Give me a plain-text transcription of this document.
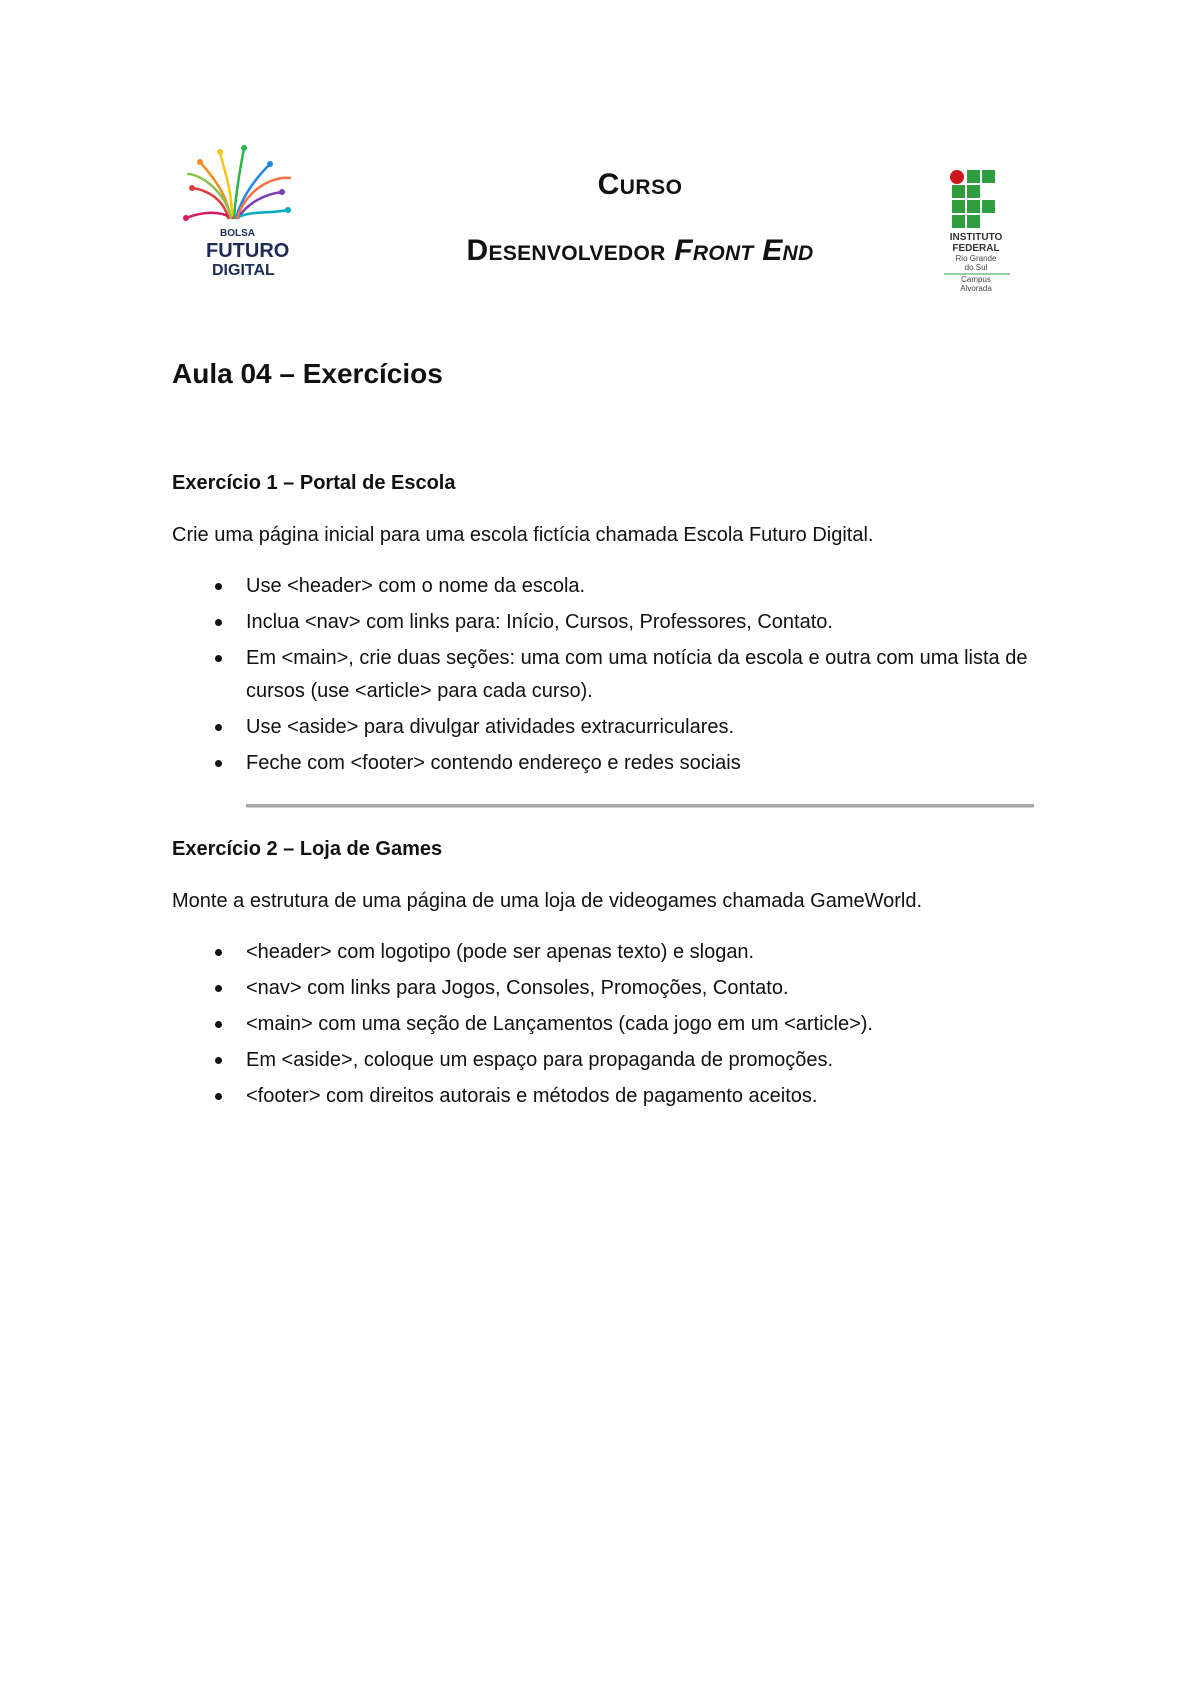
BOLSA
FUTURO
DIGITAL
Curso
Desenvolvedor Front End	INSTITUTO
FEDERAL
Rio Grande
do Sul
Campus
Alvorada
Aula 04 – Exercícios
Exercício 1 – Portal de Escola
Crie uma página inicial para uma escola fictícia chamada Escola Futuro Digital.
Use <header> com o nome da escola.
Inclua <nav> com links para: Início, Cursos, Professores, Contato.
Em <main>, crie duas seções: uma com uma notícia da escola e outra com uma lista de cursos (use <article> para cada curso).
Use <aside> para divulgar atividades extracurriculares.
Feche com <footer> contendo endereço e redes sociais
Exercício 2 – Loja de Games
Monte a estrutura de uma página de uma loja de videogames chamada GameWorld.
<header> com logotipo (pode ser apenas texto) e slogan.
<nav> com links para Jogos, Consoles, Promoções, Contato.
<main> com uma seção de Lançamentos (cada jogo em um <article>).
Em <aside>, coloque um espaço para propaganda de promoções.
<footer> com direitos autorais e métodos de pagamento aceitos.
